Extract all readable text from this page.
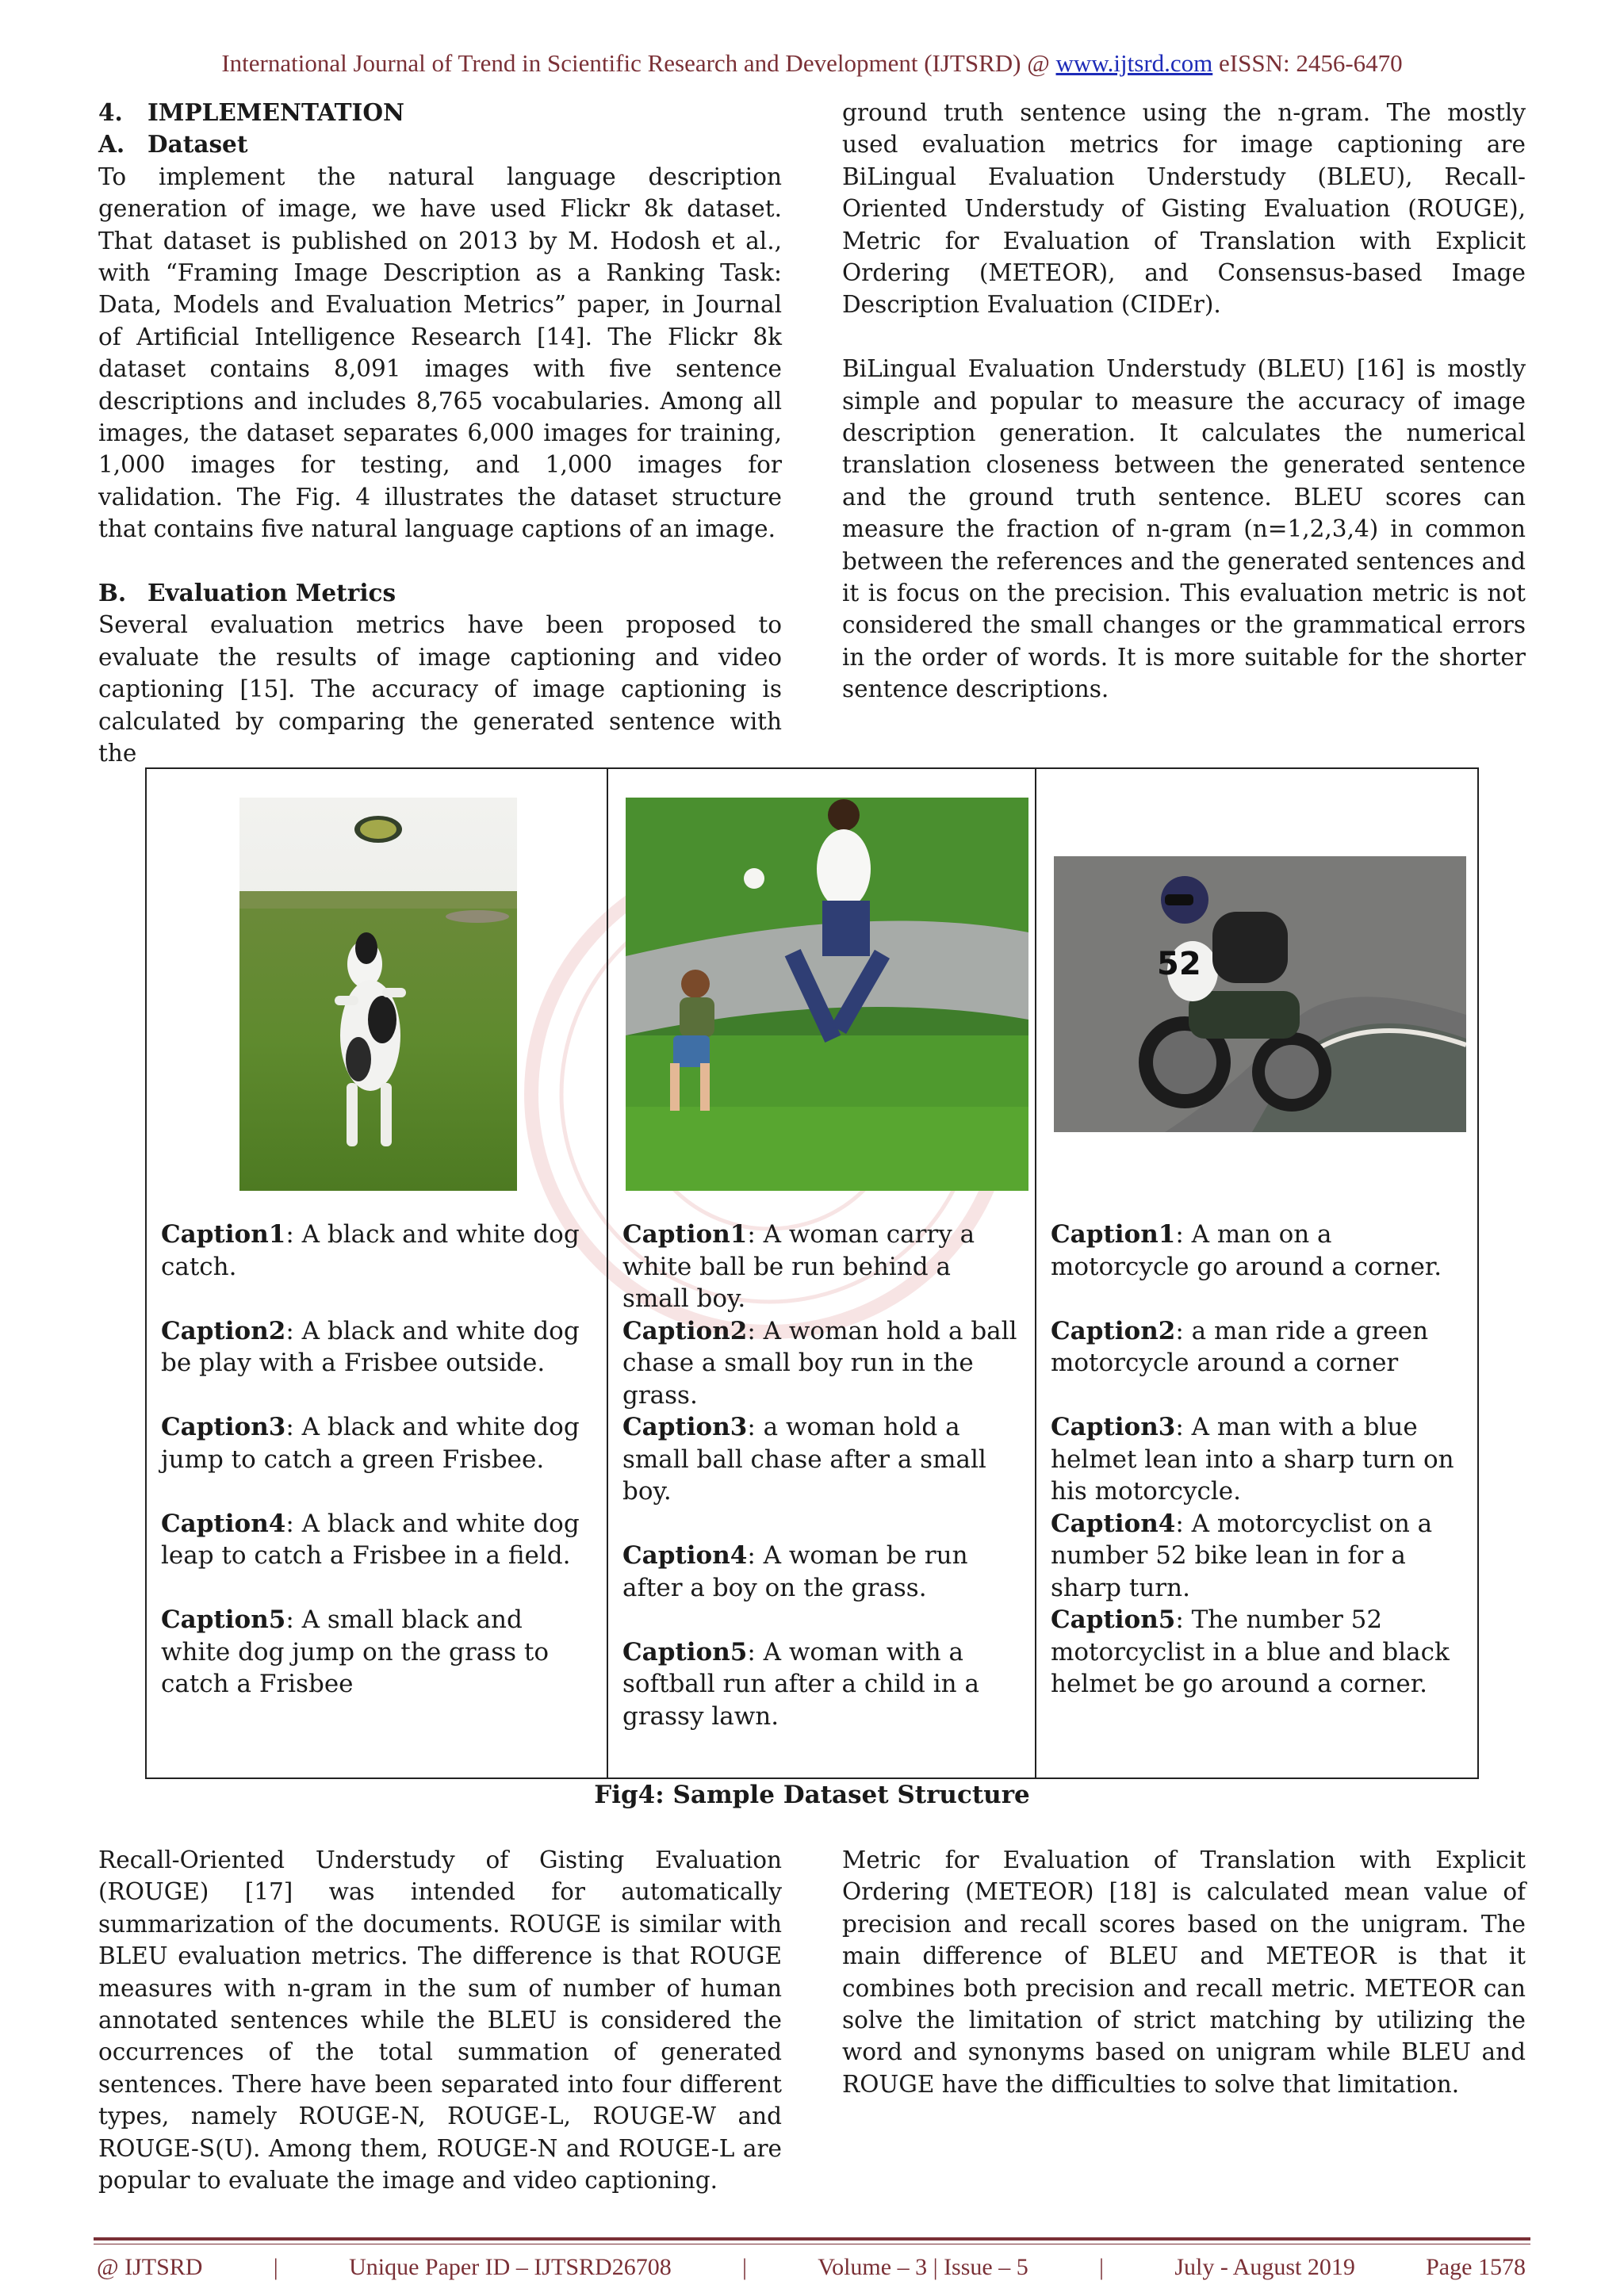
International Journal of Trend in Scientific Research and Development (IJTSRD) @ www.ijtsrd.com eISSN: 2456-6470

4. IMPLEMENTATION

A. Dataset

To implement the natural language description generation of image, we have used Flickr 8k dataset. That dataset is published on 2013 by M. Hodosh et al., with “Framing Image Description as a Ranking Task: Data, Models and Evaluation Metrics” paper, in Journal of Artificial Intelligence Research [14]. The Flickr 8k dataset contains 8,091 images with five sentence descriptions and includes 8,765 vocabularies. Among all images, the dataset separates 6,000 images for training, 1,000 images for testing, and 1,000 images for validation. The Fig. 4 illustrates the dataset structure that contains five natural language captions of an image.

B. Evaluation Metrics

Several evaluation metrics have been proposed to evaluate the results of image captioning and video captioning [15]. The accuracy of image captioning is calculated by comparing the generated sentence with the

ground truth sentence using the n-gram. The mostly used evaluation metrics for image captioning are BiLingual Evaluation Understudy (BLEU), Recall-Oriented Understudy of Gisting Evaluation (ROUGE), Metric for Evaluation of Translation with Explicit Ordering (METEOR), and Consensus-based Image Description Evaluation (CIDEr).

BiLingual Evaluation Understudy (BLEU) [16] is mostly simple and popular to measure the accuracy of image description generation. It calculates the numerical translation closeness between the generated sentence and the ground truth sentence. BLEU scores can measure the fraction of n-gram (n=1,2,3,4) in common between the references and the generated sentences and it is focus on the precision. This evaluation metric is not considered the small changes or the grammatical errors in the order of words. It is more suitable for the shorter sentence descriptions.

Caption1: A black and white dog catch.

Caption2: A black and white dog be play with a Frisbee outside.

Caption3: A black and white dog jump to catch a green Frisbee.

Caption4: A black and white dog leap to catch a Frisbee in a field.

Caption5: A small black and white dog jump on the grass to catch a Frisbee

Caption1: A woman carry a white ball be run behind a small boy.

Caption2: A woman hold a ball chase a small boy run in the grass.

Caption3: a woman hold a small ball chase after a small boy.

Caption4: A woman be run after a boy on the grass.

Caption5: A woman with a softball run after a child in a grassy lawn.

52

Caption1: A man on a motorcycle go around a corner.

Caption2: a man ride a green motorcycle around a corner

Caption3: A man with a blue helmet lean into a sharp turn on his motorcycle.

Caption4: A motorcyclist on a number 52 bike lean in for a sharp turn.

Caption5: The number 52 motorcyclist in a blue and black helmet be go around a corner.

Fig4: Sample Dataset Structure

Recall-Oriented Understudy of Gisting Evaluation (ROUGE) [17] was intended for automatically summarization of the documents. ROUGE is similar with BLEU evaluation metrics. The difference is that ROUGE measures with n-gram in the sum of number of human annotated sentences while the BLEU is considered the occurrences of the total summation of generated sentences. There have been separated into four different types, namely ROUGE-N, ROUGE-L, ROUGE-W and ROUGE-S(U). Among them, ROUGE-N and ROUGE-L are popular to evaluate the image and video captioning.

Metric for Evaluation of Translation with Explicit Ordering (METEOR) [18] is calculated mean value of precision and recall scores based on the unigram. The main difference of BLEU and METEOR is that it combines both precision and recall metric. METEOR can solve the limitation of strict matching by utilizing the word and synonyms based on unigram while BLEU and ROUGE have the difficulties to solve that limitation.

@ IJTSRD	|	Unique Paper ID – IJTSRD26708	|	Volume – 3 | Issue – 5	|	July - August 2019	Page 1578
